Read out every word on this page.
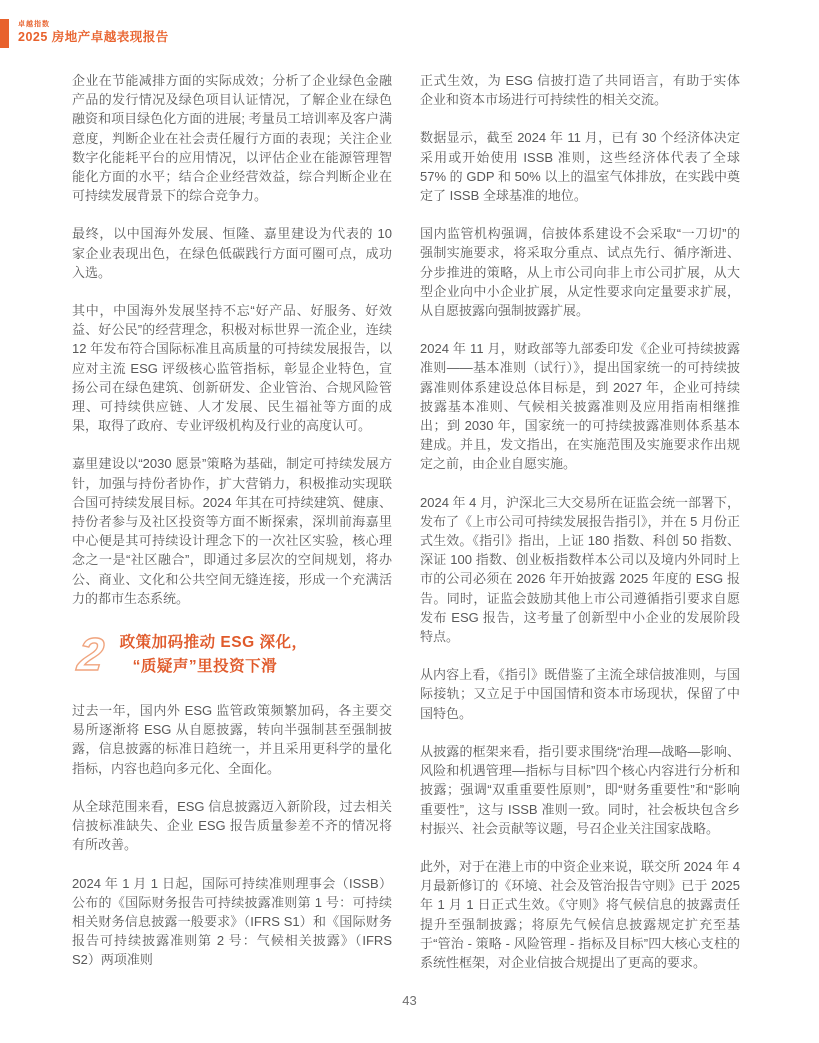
卓越指数
2025 房地产卓越表现报告

企业在节能减排方面的实际成效；分析了企业绿色金融产品的发行情况及绿色项目认证情况，了解企业在绿色融资和项目绿色化方面的进展; 考量员工培训率及客户满意度，判断企业在社会责任履行方面的表现；关注企业数字化能耗平台的应用情况，以评估企业在能源管理智能化方面的水平；结合企业经营效益，综合判断企业在可持续发展背景下的综合竞争力。

最终，以中国海外发展、恒隆、嘉里建设为代表的 10 家企业表现出色，在绿色低碳践行方面可圈可点，成功入选。

其中，中国海外发展坚持不忘“好产品、好服务、好效益、好公民”的经营理念，积极对标世界一流企业，连续 12 年发布符合国际标准且高质量的可持续发展报告，以应对主流 ESG 评级核心监管指标，彰显企业特色，宣扬公司在绿色建筑、创新研发、企业管治、合规风险管理、可持续供应链、人才发展、民生福祉等方面的成果，取得了政府、专业评级机构及行业的高度认可。

嘉里建设以“2030 愿景”策略为基础，制定可持续发展方针，加强与持份者协作，扩大营销力，积极推动实现联合国可持续发展目标。2024 年其在可持续建筑、健康、持份者参与及社区投资等方面不断探索，深圳前海嘉里中心便是其可持续设计理念下的一次社区实验，核心理念之一是“社区融合”，即通过多层次的空间规划，将办公、商业、文化和公共空间无缝连接，形成一个充满活力的都市生态系统。

2 政策加码推动 ESG 深化，
“质疑声”里投资下滑

过去一年，国内外 ESG 监管政策频繁加码，各主要交易所逐渐将 ESG 从自愿披露，转向半强制甚至强制披露，信息披露的标准日趋统一，并且采用更科学的量化指标，内容也趋向多元化、全面化。

从全球范围来看，ESG 信息披露迈入新阶段，过去相关信披标准缺失、企业 ESG 报告质量参差不齐的情况将有所改善。

2024 年 1 月 1 日起，国际可持续准则理事会（ISSB）公布的《国际财务报告可持续披露准则第 1 号：可持续相关财务信息披露一般要求》（IFRS S1）和《国际财务报告可持续披露准则第 2 号：气候相关披露》（IFRS S2）两项准则

正式生效，为 ESG 信披打造了共同语言，有助于实体企业和资本市场进行可持续性的相关交流。

数据显示，截至 2024 年 11 月，已有 30 个经济体决定采用或开始使用 ISSB 准则，这些经济体代表了全球 57% 的 GDP 和 50% 以上的温室气体排放，在实践中奠定了 ISSB 全球基准的地位。

国内监管机构强调，信披体系建设不会采取“一刀切”的强制实施要求，将采取分重点、试点先行、循序渐进、分步推进的策略，从上市公司向非上市公司扩展，从大型企业向中小企业扩展，从定性要求向定量要求扩展，从自愿披露向强制披露扩展。

2024 年 11 月，财政部等九部委印发《企业可持续披露准则——基本准则（试行）》，提出国家统一的可持续披露准则体系建设总体目标是，到 2027 年，企业可持续披露基本准则、气候相关披露准则及应用指南相继推出；到 2030 年，国家统一的可持续披露准则体系基本建成。并且，发文指出，在实施范围及实施要求作出规定之前，由企业自愿实施。

2024 年 4 月，沪深北三大交易所在证监会统一部署下，发布了《上市公司可持续发展报告指引》，并在 5 月份正式生效。《指引》指出，上证 180 指数、科创 50 指数、深证 100 指数、创业板指数样本公司以及境内外同时上市的公司必须在 2026 年开始披露 2025 年度的 ESG 报告。同时，证监会鼓励其他上市公司遵循指引要求自愿发布 ESG 报告，这考量了创新型中小企业的发展阶段特点。

从内容上看，《指引》既借鉴了主流全球信披准则，与国际接轨；又立足于中国国情和资本市场现状，保留了中国特色。

从披露的框架来看，指引要求围绕“治理—战略—影响、风险和机遇管理—指标与目标”四个核心内容进行分析和披露；强调“双重重要性原则”，即“财务重要性”和“影响重要性”，这与 ISSB 准则一致。同时，社会板块包含乡村振兴、社会贡献等议题，号召企业关注国家战略。

此外，对于在港上市的中资企业来说，联交所 2024 年 4 月最新修订的《环境、社会及管治报告守则》已于 2025 年 1 月 1 日正式生效。《守则》将气候信息的披露责任提升至强制披露；将原先气候信息披露规定扩充至基于“管治 - 策略 - 风险管理 - 指标及目标”四大核心支柱的系统性框架，对企业信披合规提出了更高的要求。

43
